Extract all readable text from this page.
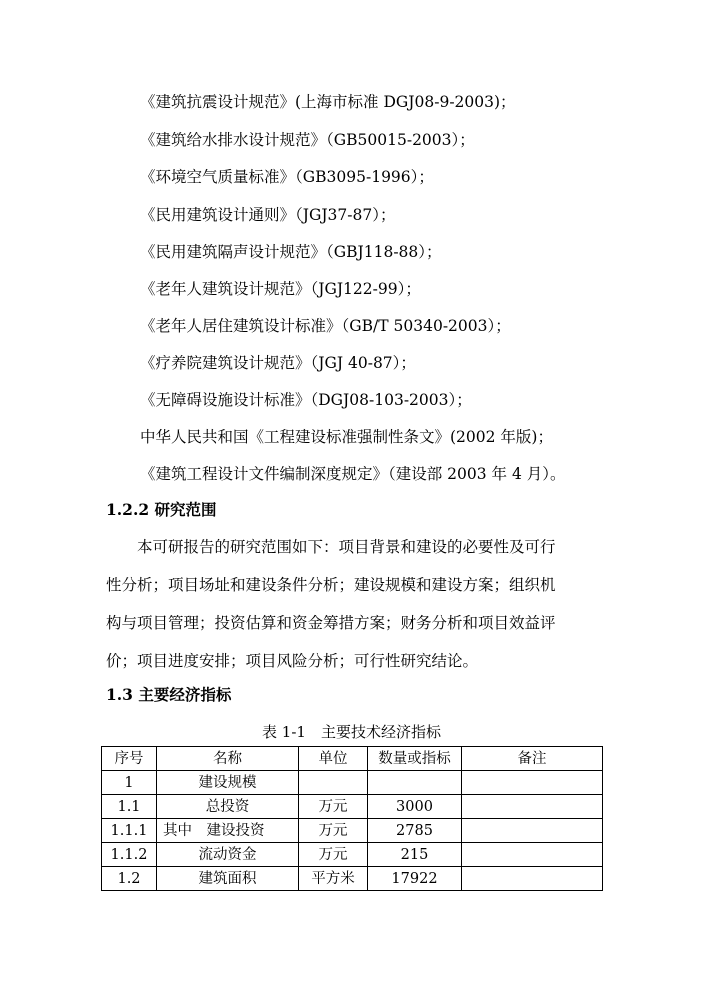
《建筑抗震设计规范》(上海市标准 DGJ08-9-2003)；
《建筑给水排水设计规范》（GB50015-2003）；
《环境空气质量标准》（GB3095-1996）；
《民用建筑设计通则》（JGJ37-87）；
《民用建筑隔声设计规范》（GBJ118-88）；
《老年人建筑设计规范》（JGJ122-99）；
《老年人居住建筑设计标准》（GB/T 50340-2003）；
《疗养院建筑设计规范》（JGJ 40-87）；
《无障碍设施设计标准》（DGJ08-103-2003）；
中华人民共和国《工程建设标准强制性条文》(2002 年版)；
《建筑工程设计文件编制深度规定》（建设部 2003 年 4 月）。
1.2.2 研究范围
　　本可研报告的研究范围如下：项目背景和建设的必要性及可行
性分析；项目场址和建设条件分析；建设规模和建设方案；组织机
构与项目管理；投资估算和资金筹措方案；财务分析和项目效益评
价；项目进度安排；项目风险分析；可行性研究结论。
1.3 主要经济指标
表 1-1　主要技术经济指标
序号	名称	单位	数量或指标	备注
1	建设规模			
1.1	总投资	万元	3000	
1.1.1	其中　建设投资	万元	2785	
1.1.2	流动资金	万元	215	
1.2	建筑面积	平方米	17922	
